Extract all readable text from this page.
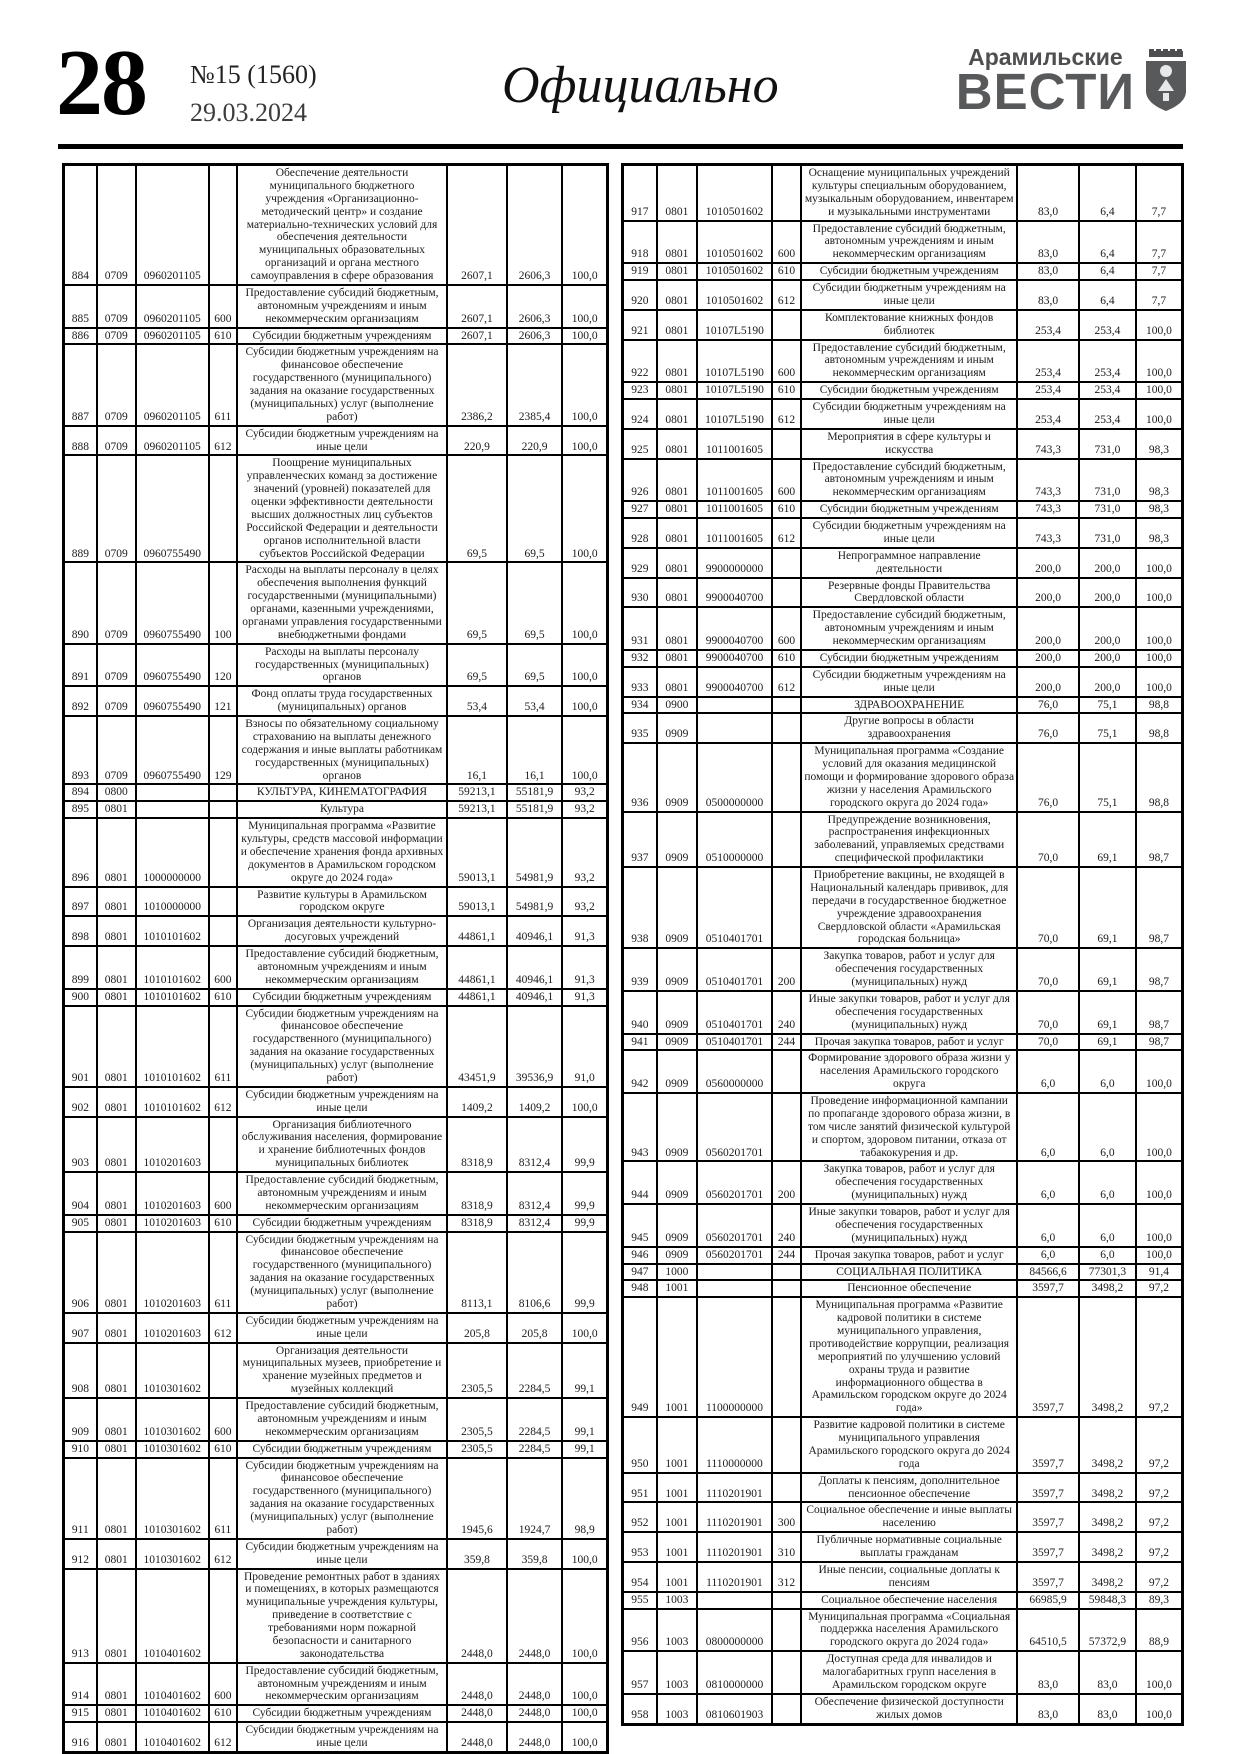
28 №15 (1560)
29.03.2024	Официально	Арамильские
ВЕСТИ
884	0709	0960201105		Обеспечение деятельности муниципального бюджетного учреждения «Организационно-методический центр» и создание материально-технических условий для обеспечения деятельности муниципальных образовательных организаций и органа местного самоуправления в сфере образования	2607,1	2606,3	100,0
885	0709	0960201105	600	Предоставление субсидий бюджетным, автономным учреждениям и иным некоммерческим организациям	2607,1	2606,3	100,0
886	0709	0960201105	610	Субсидии бюджетным учреждениям	2607,1	2606,3	100,0
887	0709	0960201105	611	Субсидии бюджетным учреждениям на финансовое обеспечение государственного (муниципального) задания на оказание государственных (муниципальных) услуг (выполнение работ)	2386,2	2385,4	100,0
888	0709	0960201105	612	Субсидии бюджетным учреждениям на иные цели	220,9	220,9	100,0
889	0709	0960755490		Поощрение муниципальных управленческих команд за достижение значений (уровней) показателей для оценки эффективности деятельности высших должностных лиц субъектов Российской Федерации и деятельности органов исполнительной власти субъектов Российской Федерации	69,5	69,5	100,0
890	0709	0960755490	100	Расходы на выплаты персоналу в целях обеспечения выполнения функций государственными (муниципальными) органами, казенными учреждениями, органами управления государственными внебюджетными фондами	69,5	69,5	100,0
891	0709	0960755490	120	Расходы на выплаты персоналу государственных (муниципальных) органов	69,5	69,5	100,0
892	0709	0960755490	121	Фонд оплаты труда государственных (муниципальных) органов	53,4	53,4	100,0
893	0709	0960755490	129	Взносы по обязательному социальному страхованию на выплаты денежного содержания и иные выплаты работникам государственных (муниципальных) органов	16,1	16,1	100,0
894	0800			КУЛЬТУРА, КИНЕМАТОГРАФИЯ	59213,1	55181,9	93,2
895	0801			Культура	59213,1	55181,9	93,2
896	0801	1000000000		Муниципальная программа «Развитие культуры, средств массовой информации и обеспечение хранения фонда архивных документов в Арамильском городском округе до 2024 года»	59013,1	54981,9	93,2
897	0801	1010000000		Развитие культуры в Арамильском городском округе	59013,1	54981,9	93,2
898	0801	1010101602		Организация деятельности культурно-досуговых учреждений	44861,1	40946,1	91,3
899	0801	1010101602	600	Предоставление субсидий бюджетным, автономным учреждениям и иным некоммерческим организациям	44861,1	40946,1	91,3
900	0801	1010101602	610	Субсидии бюджетным учреждениям	44861,1	40946,1	91,3
901	0801	1010101602	611	Субсидии бюджетным учреждениям на финансовое обеспечение государственного (муниципального) задания на оказание государственных (муниципальных) услуг (выполнение работ)	43451,9	39536,9	91,0
902	0801	1010101602	612	Субсидии бюджетным учреждениям на иные цели	1409,2	1409,2	100,0
903	0801	1010201603		Организация библиотечного обслуживания населения, формирование и хранение библиотечных фондов муниципальных библиотек	8318,9	8312,4	99,9
904	0801	1010201603	600	Предоставление субсидий бюджетным, автономным учреждениям и иным некоммерческим организациям	8318,9	8312,4	99,9
905	0801	1010201603	610	Субсидии бюджетным учреждениям	8318,9	8312,4	99,9
906	0801	1010201603	611	Субсидии бюджетным учреждениям на финансовое обеспечение государственного (муниципального) задания на оказание государственных (муниципальных) услуг (выполнение работ)	8113,1	8106,6	99,9
907	0801	1010201603	612	Субсидии бюджетным учреждениям на иные цели	205,8	205,8	100,0
908	0801	1010301602		Организация деятельности муниципальных музеев, приобретение и хранение музейных предметов и музейных коллекций	2305,5	2284,5	99,1
909	0801	1010301602	600	Предоставление субсидий бюджетным, автономным учреждениям и иным некоммерческим организациям	2305,5	2284,5	99,1
910	0801	1010301602	610	Субсидии бюджетным учреждениям	2305,5	2284,5	99,1
911	0801	1010301602	611	Субсидии бюджетным учреждениям на финансовое обеспечение государственного (муниципального) задания на оказание государственных (муниципальных) услуг (выполнение работ)	1945,6	1924,7	98,9
912	0801	1010301602	612	Субсидии бюджетным учреждениям на иные цели	359,8	359,8	100,0
913	0801	1010401602		Проведение ремонтных работ в зданиях и помещениях, в которых размещаются муниципальные учреждения культуры, приведение в соответствие с требованиями норм пожарной безопасности и санитарного законодательства	2448,0	2448,0	100,0
914	0801	1010401602	600	Предоставление субсидий бюджетным, автономным учреждениям и иным некоммерческим организациям	2448,0	2448,0	100,0
915	0801	1010401602	610	Субсидии бюджетным учреждениям	2448,0	2448,0	100,0
916	0801	1010401602	612	Субсидии бюджетным учреждениям на иные цели	2448,0	2448,0	100,0
917	0801	1010501602		Оснащение муниципальных учреждений культуры специальным оборудованием, музыкальным оборудованием, инвентарем и музыкальными инструментами	83,0	6,4	7,7
918	0801	1010501602	600	Предоставление субсидий бюджетным, автономным учреждениям и иным некоммерческим организациям	83,0	6,4	7,7
919	0801	1010501602	610	Субсидии бюджетным учреждениям	83,0	6,4	7,7
920	0801	1010501602	612	Субсидии бюджетным учреждениям на иные цели	83,0	6,4	7,7
921	0801	10107L5190		Комплектование книжных фондов библиотек	253,4	253,4	100,0
922	0801	10107L5190	600	Предоставление субсидий бюджетным, автономным учреждениям и иным некоммерческим организациям	253,4	253,4	100,0
923	0801	10107L5190	610	Субсидии бюджетным учреждениям	253,4	253,4	100,0
924	0801	10107L5190	612	Субсидии бюджетным учреждениям на иные цели	253,4	253,4	100,0
925	0801	1011001605		Мероприятия в сфере культуры и искусства	743,3	731,0	98,3
926	0801	1011001605	600	Предоставление субсидий бюджетным, автономным учреждениям и иным некоммерческим организациям	743,3	731,0	98,3
927	0801	1011001605	610	Субсидии бюджетным учреждениям	743,3	731,0	98,3
928	0801	1011001605	612	Субсидии бюджетным учреждениям на иные цели	743,3	731,0	98,3
929	0801	9900000000		Непрограммное направление деятельности	200,0	200,0	100,0
930	0801	9900040700		Резервные фонды Правительства Свердловской области	200,0	200,0	100,0
931	0801	9900040700	600	Предоставление субсидий бюджетным, автономным учреждениям и иным некоммерческим организациям	200,0	200,0	100,0
932	0801	9900040700	610	Субсидии бюджетным учреждениям	200,0	200,0	100,0
933	0801	9900040700	612	Субсидии бюджетным учреждениям на иные цели	200,0	200,0	100,0
934	0900			ЗДРАВООХРАНЕНИЕ	76,0	75,1	98,8
935	0909			Другие вопросы в области здравоохранения	76,0	75,1	98,8
936	0909	0500000000		Муниципальная программа «Создание условий для оказания медицинской помощи и формирование здорового образа жизни у населения Арамильского городского округа до 2024 года»	76,0	75,1	98,8
937	0909	0510000000		Предупреждение возникновения, распространения инфекционных заболеваний, управляемых средствами специфической профилактики	70,0	69,1	98,7
938	0909	0510401701		Приобретение вакцины, не входящей в Национальный календарь прививок, для передачи в государственное бюджетное учреждение здравоохранения Свердловской области «Арамильская городская больница»	70,0	69,1	98,7
939	0909	0510401701	200	Закупка товаров, работ и услуг для обеспечения государственных (муниципальных) нужд	70,0	69,1	98,7
940	0909	0510401701	240	Иные закупки товаров, работ и услуг для обеспечения государственных (муниципальных) нужд	70,0	69,1	98,7
941	0909	0510401701	244	Прочая закупка товаров, работ и услуг	70,0	69,1	98,7
942	0909	0560000000		Формирование здорового образа жизни у населения Арамильского городского округа	6,0	6,0	100,0
943	0909	0560201701		Проведение информационной кампании по пропаганде здорового образа жизни, в том числе занятий физической культурой и спортом, здоровом питании, отказа от табакокурения и др.	6,0	6,0	100,0
944	0909	0560201701	200	Закупка товаров, работ и услуг для обеспечения государственных (муниципальных) нужд	6,0	6,0	100,0
945	0909	0560201701	240	Иные закупки товаров, работ и услуг для обеспечения государственных (муниципальных) нужд	6,0	6,0	100,0
946	0909	0560201701	244	Прочая закупка товаров, работ и услуг	6,0	6,0	100,0
947	1000			СОЦИАЛЬНАЯ ПОЛИТИКА	84566,6	77301,3	91,4
948	1001			Пенсионное обеспечение	3597,7	3498,2	97,2
949	1001	1100000000		Муниципальная программа «Развитие кадровой политики в системе муниципального управления, противодействие коррупции, реализация мероприятий по улучшению условий охраны труда и развитие информационного общества в Арамильском городском округе до 2024 года»	3597,7	3498,2	97,2
950	1001	1110000000		Развитие кадровой политики в системе муниципального управления Арамильского городского округа до 2024 года	3597,7	3498,2	97,2
951	1001	1110201901		Доплаты к пенсиям, дополнительное пенсионное обеспечение	3597,7	3498,2	97,2
952	1001	1110201901	300	Социальное обеспечение и иные выплаты населению	3597,7	3498,2	97,2
953	1001	1110201901	310	Публичные нормативные социальные выплаты гражданам	3597,7	3498,2	97,2
954	1001	1110201901	312	Иные пенсии, социальные доплаты к пенсиям	3597,7	3498,2	97,2
955	1003			Социальное обеспечение населения	66985,9	59848,3	89,3
956	1003	0800000000		Муниципальная программа «Социальная поддержка населения Арамильского городского округа до 2024 года»	64510,5	57372,9	88,9
957	1003	0810000000		Доступная среда для инвалидов и малогабаритных групп населения в Арамильском городском округе	83,0	83,0	100,0
958	1003	0810601903		Обеспечение физической доступности жилых домов	83,0	83,0	100,0
